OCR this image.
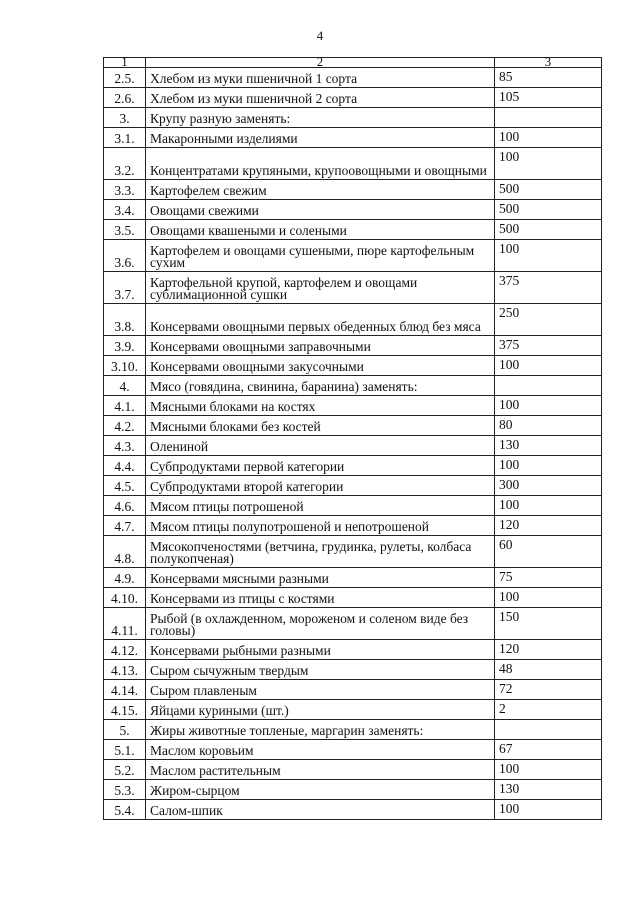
4
1	2	3
2.5.	Хлебом из муки пшеничной 1 сорта	85
2.6.	Хлебом из муки пшеничной 2 сорта	105
3.	Крупу разную заменять:	
3.1.	Макаронными изделиями	100
3.2.	Концентратами крупяными, крупоовощными и овощными	100
3.3.	Картофелем свежим	500
3.4.	Овощами свежими	500
3.5.	Овощами квашеными и солеными	500
3.6.	Картофелем и овощами сушеными, пюре картофельным сухим	100
3.7.	Картофельной крупой, картофелем и овощами сублимационной сушки	375
3.8.	Консервами овощными первых обеденных блюд без мяса	250
3.9.	Консервами овощными заправочными	375
3.10.	Консервами овощными закусочными	100
4.	Мясо (говядина, свинина, баранина) заменять:	
4.1.	Мясными блоками на костях	100
4.2.	Мясными блоками без костей	80
4.3.	Олениной	130
4.4.	Субпродуктами первой категории	100
4.5.	Субпродуктами второй категории	300
4.6.	Мясом птицы потрошеной	100
4.7.	Мясом птицы полупотрошеной и непотрошеной	120
4.8.	Мясокопченостями (ветчина, грудинка, рулеты, колбаса полукопченая)	60
4.9.	Консервами мясными разными	75
4.10.	Консервами из птицы с костями	100
4.11.	Рыбой (в охлажденном, мороженом и соленом виде без головы)	150
4.12.	Консервами рыбными разными	120
4.13.	Сыром сычужным твердым	48
4.14.	Сыром плавленым	72
4.15.	Яйцами куриными (шт.)	2
5.	Жиры животные топленые, маргарин заменять:	
5.1.	Маслом коровьим	67
5.2.	Маслом растительным	100
5.3.	Жиром-сырцом	130
5.4.	Салом-шпик	100
